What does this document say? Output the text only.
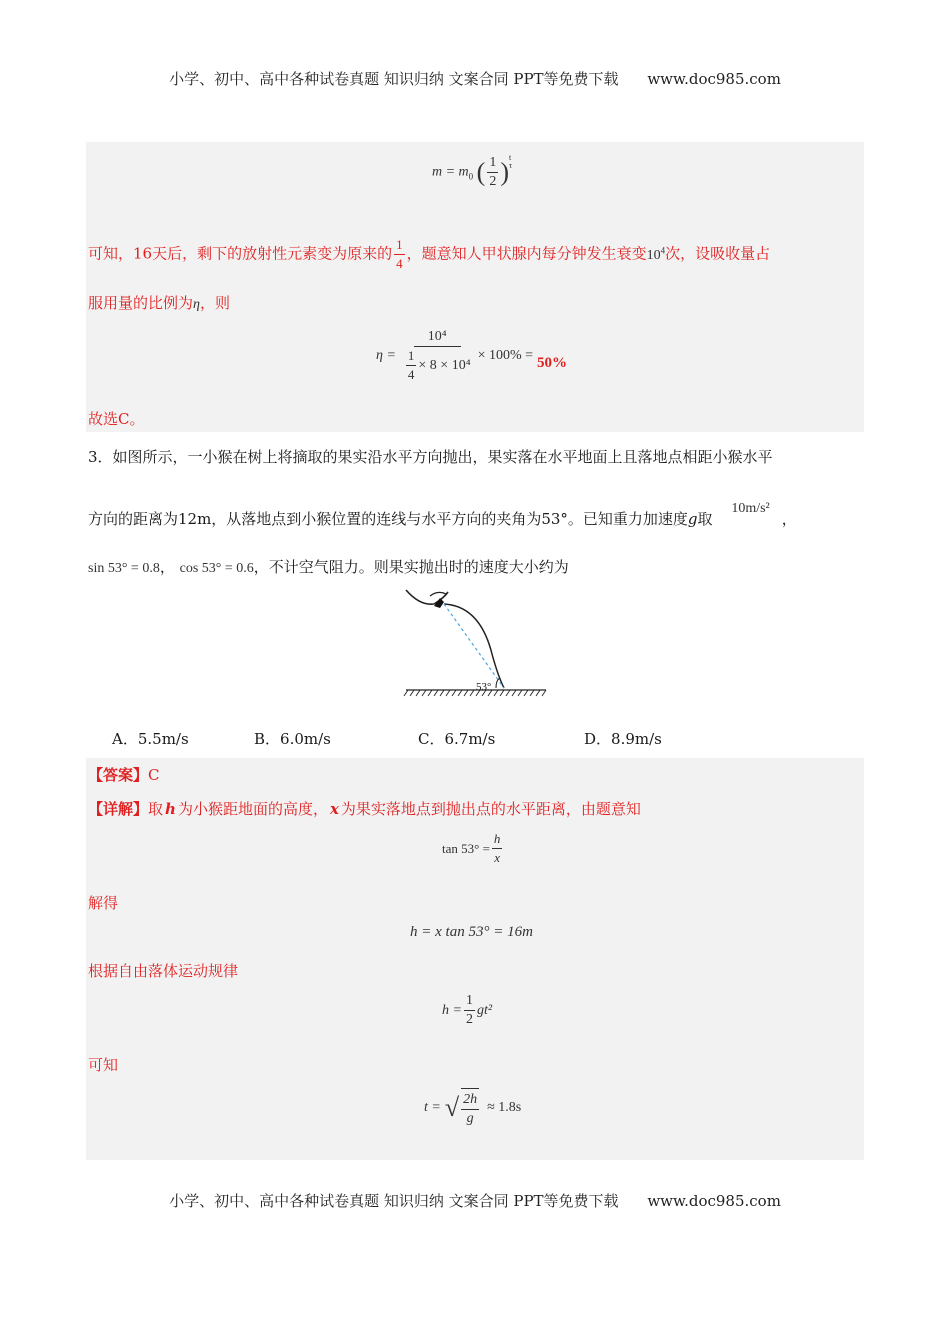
小学、初中、高中各种试卷真题 知识归纳 文案合同 PPT等免费下载 www.doc985.com
$m = m_0$ ( $\frac{1}{2}$ ) $^{t \tau}$
可知，16天后，剩下的放射性元素变为原来的 $\frac{1}{4}$ ，题意知人甲状腺内每分钟发生衰变$10^4$次，设吸收量占
服用量的比例为η，则
$\eta = \frac{\text{10⁴}}{\frac{1}{4} \times 8 \times 10^4} \times 100\% = 50\%$
故选C。
3．如图所示，一小猴在树上将摘取的果实沿水平方向抛出，果实落在水平地面上且落地点相距小猴水平
方向的距离为12m，从落地点到小猴位置的连线与水平方向的夹角为53°。已知重力加速度g取 10m/s²，
sin 53° = 0.8， cos 53° = 0.6，不计空气阻力。则果实抛出时的速度大小约为
53°
A．5.5m/s	B．6.0m/s	C．6.7m/s	D．8.9m/s
【答案】C
【详解】取 h 为小猴距地面的高度， x 为果实落地点到抛出点的水平距离，由题意知
$\tan 53^\circ = \frac{h}{x}$
解得
h = x tan 53° = 16m
根据自由落体运动规律
$h = \frac{1}{2} gt^2$
可知
t = √ $\frac{2h}{g} \approx 1.8s$
小学、初中、高中各种试卷真题 知识归纳 文案合同 PPT等免费下载 www.doc985.com
